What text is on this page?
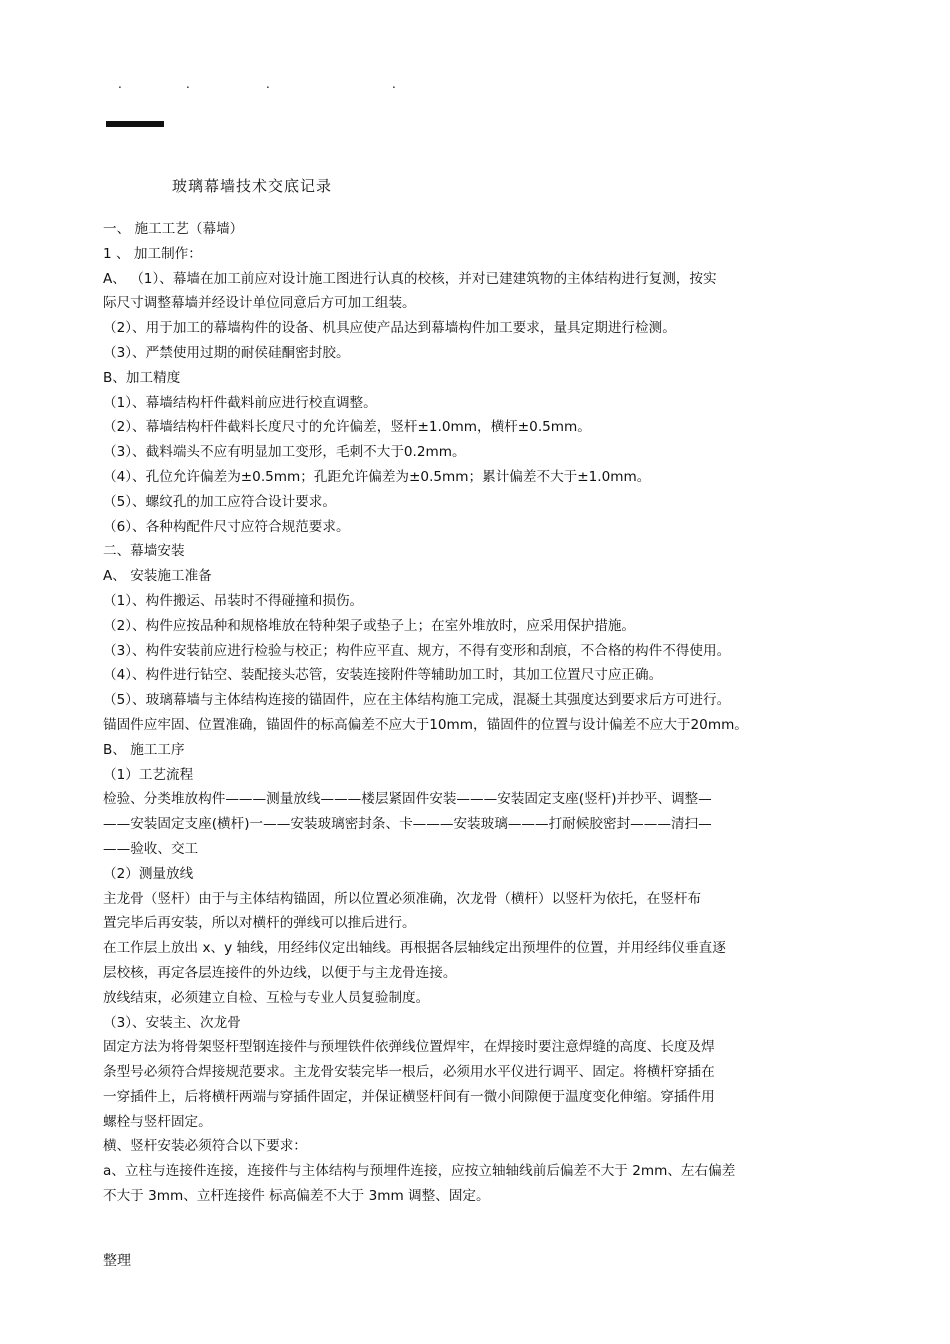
.	.	.	.
玻璃幕墙技术交底记录
一、 施工工艺（幕墙）
1 、 加工制作：
A、 （1）、幕墙在加工前应对设计施工图进行认真的校核，并对已建建筑物的主体结构进行复测，按实
际尺寸调整幕墙并经设计单位同意后方可加工组装。
（2）、用于加工的幕墙构件的设备、机具应使产品达到幕墙构件加工要求，量具定期进行检测。
（3）、严禁使用过期的耐侯硅酮密封胶。
B、加工精度
（1）、幕墙结构杆件截料前应进行校直调整。
（2）、幕墙结构杆件截料长度尺寸的允许偏差，竖杆±1.0mm，横杆±0.5mm。
（3）、截料端头不应有明显加工变形，毛刺不大于0.2mm。
（4）、孔位允许偏差为±0.5mm；孔距允许偏差为±0.5mm；累计偏差不大于±1.0mm。
（5）、螺纹孔的加工应符合设计要求。
（6）、各种构配件尺寸应符合规范要求。
二、幕墙安装
A、 安装施工准备
（1）、构件搬运、吊装时不得碰撞和损伤。
（2）、构件应按品种和规格堆放在特种架子或垫子上；在室外堆放时，应采用保护措施。
（3）、构件安装前应进行检验与校正；构件应平直、规方，不得有变形和刮痕，不合格的构件不得使用。
（4）、构件进行钻空、装配接头芯管，安装连接附件等辅助加工时，其加工位置尺寸应正确。
（5）、玻璃幕墙与主体结构连接的锚固件，应在主体结构施工完成，混凝土其强度达到要求后方可进行。
锚固件应牢固、位置准确，锚固件的标高偏差不应大于10mm，锚固件的位置与设计偏差不应大于20mm。
B、 施工工序
（1）工艺流程
检验、分类堆放构件———测量放线———楼层紧固件安装———安装固定支座(竖杆)并抄平、调整—
——安装固定支座(横杆)一——安装玻璃密封条、卡———安装玻璃———打耐候胶密封———清扫—
——验收、交工
（2）测量放线
主龙骨（竖杆）由于与主体结构锚固，所以位置必须准确，次龙骨（横杆）以竖杆为依托，在竖杆布
置完毕后再安装，所以对横杆的弹线可以推后进行。
在工作层上放出 x、y 轴线，用经纬仪定出轴线。再根据各层轴线定出预埋件的位置，并用经纬仪垂直逐
层校核，再定各层连接件的外边线，以便于与主龙骨连接。
放线结束，必须建立自检、互检与专业人员复验制度。
（3）、安装主、次龙骨
固定方法为将骨架竖杆型钢连接件与预埋铁件依弹线位置焊牢，在焊接时要注意焊缝的高度、长度及焊
条型号必须符合焊接规范要求。主龙骨安装完毕一根后，必须用水平仪进行调平、固定。将横杆穿插在
一穿插件上，后将横杆两端与穿插件固定，并保证横竖杆间有一微小间隙便于温度变化伸缩。穿插件用
螺栓与竖杆固定。
横、竖杆安装必须符合以下要求：
a、立柱与连接件连接，连接件与主体结构与预埋件连接，应按立轴轴线前后偏差不大于 2mm、左右偏差
不大于 3mm、立杆连接件 标高偏差不大于 3mm 调整、固定。
整理
